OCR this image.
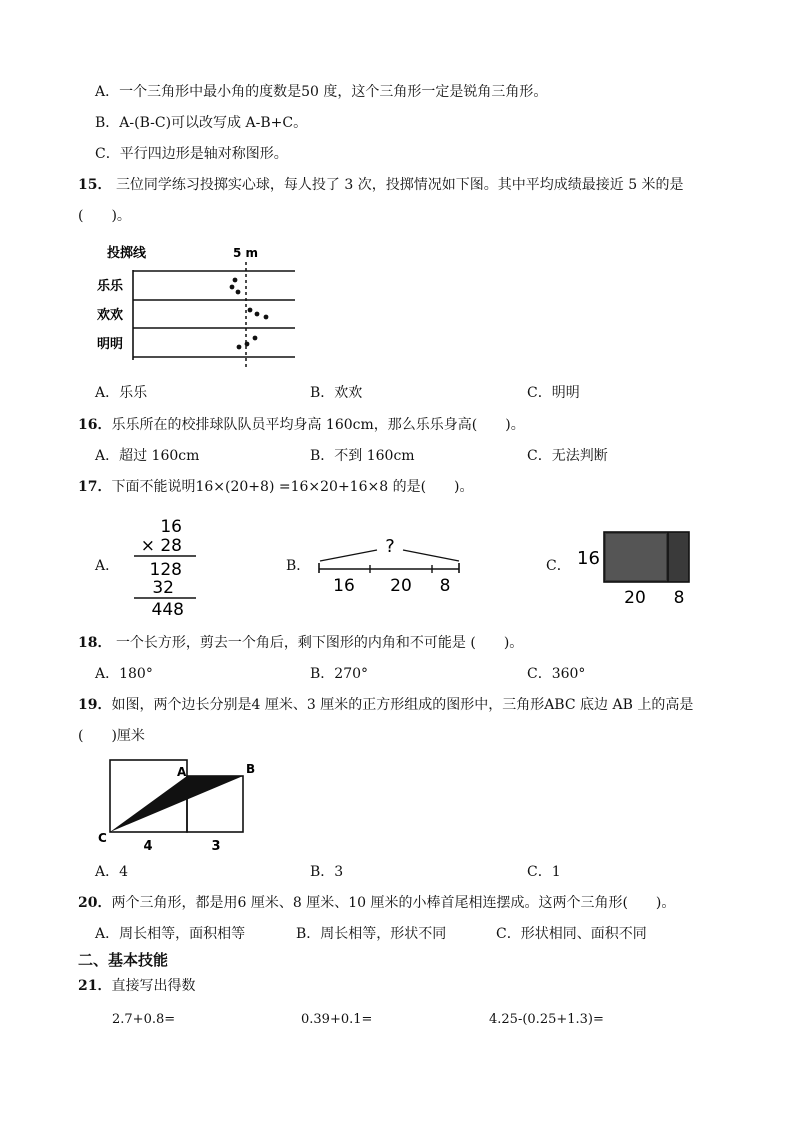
A．一个三角形中最小角的度数是50 度，这个三角形一定是锐角三角形。
B．A-(B-C)可以改写成 A-B+C。
C．平行四边形是轴对称图形。
15． 三位同学练习投掷实心球，每人投了 3 次，投掷情况如下图。其中平均成绩最接近 5 米的是
(　　)。
投掷线	5 m
乐乐
欢欢
明明
A．乐乐	B．欢欢	C．明明
16．乐乐所在的校排球队队员平均身高 160cm，那么乐乐身高(　　)。
A．超过 160cm	B．不到 160cm	C．无法判断
17．下面不能说明16×(20+8) =16×20+16×8 的是(　　)。
A．
16
× 28
128
32
448
B．
?
16 20 8
C． 16
20 8
18． 一个长方形，剪去一个角后，剩下图形的内角和不可能是 (　　)。
A．180°	B．270°	C．360°
19．如图，两个边长分别是4 厘米、3 厘米的正方形组成的图形中，三角形ABC 底边 AB 上的高是
(　　)厘米
A	B
C
4	3
A．4	B．3	C．1
20．两个三角形，都是用6 厘米、8 厘米、10 厘米的小棒首尾相连摆成。这两个三角形(　　)。
A．周长相等，面积相等	B．周长相等，形状不同	C．形状相同、面积不同
二、基本技能
21．直接写出得数
2.7+0.8=	0.39+0.1=	4.25-(0.25+1.3)=
